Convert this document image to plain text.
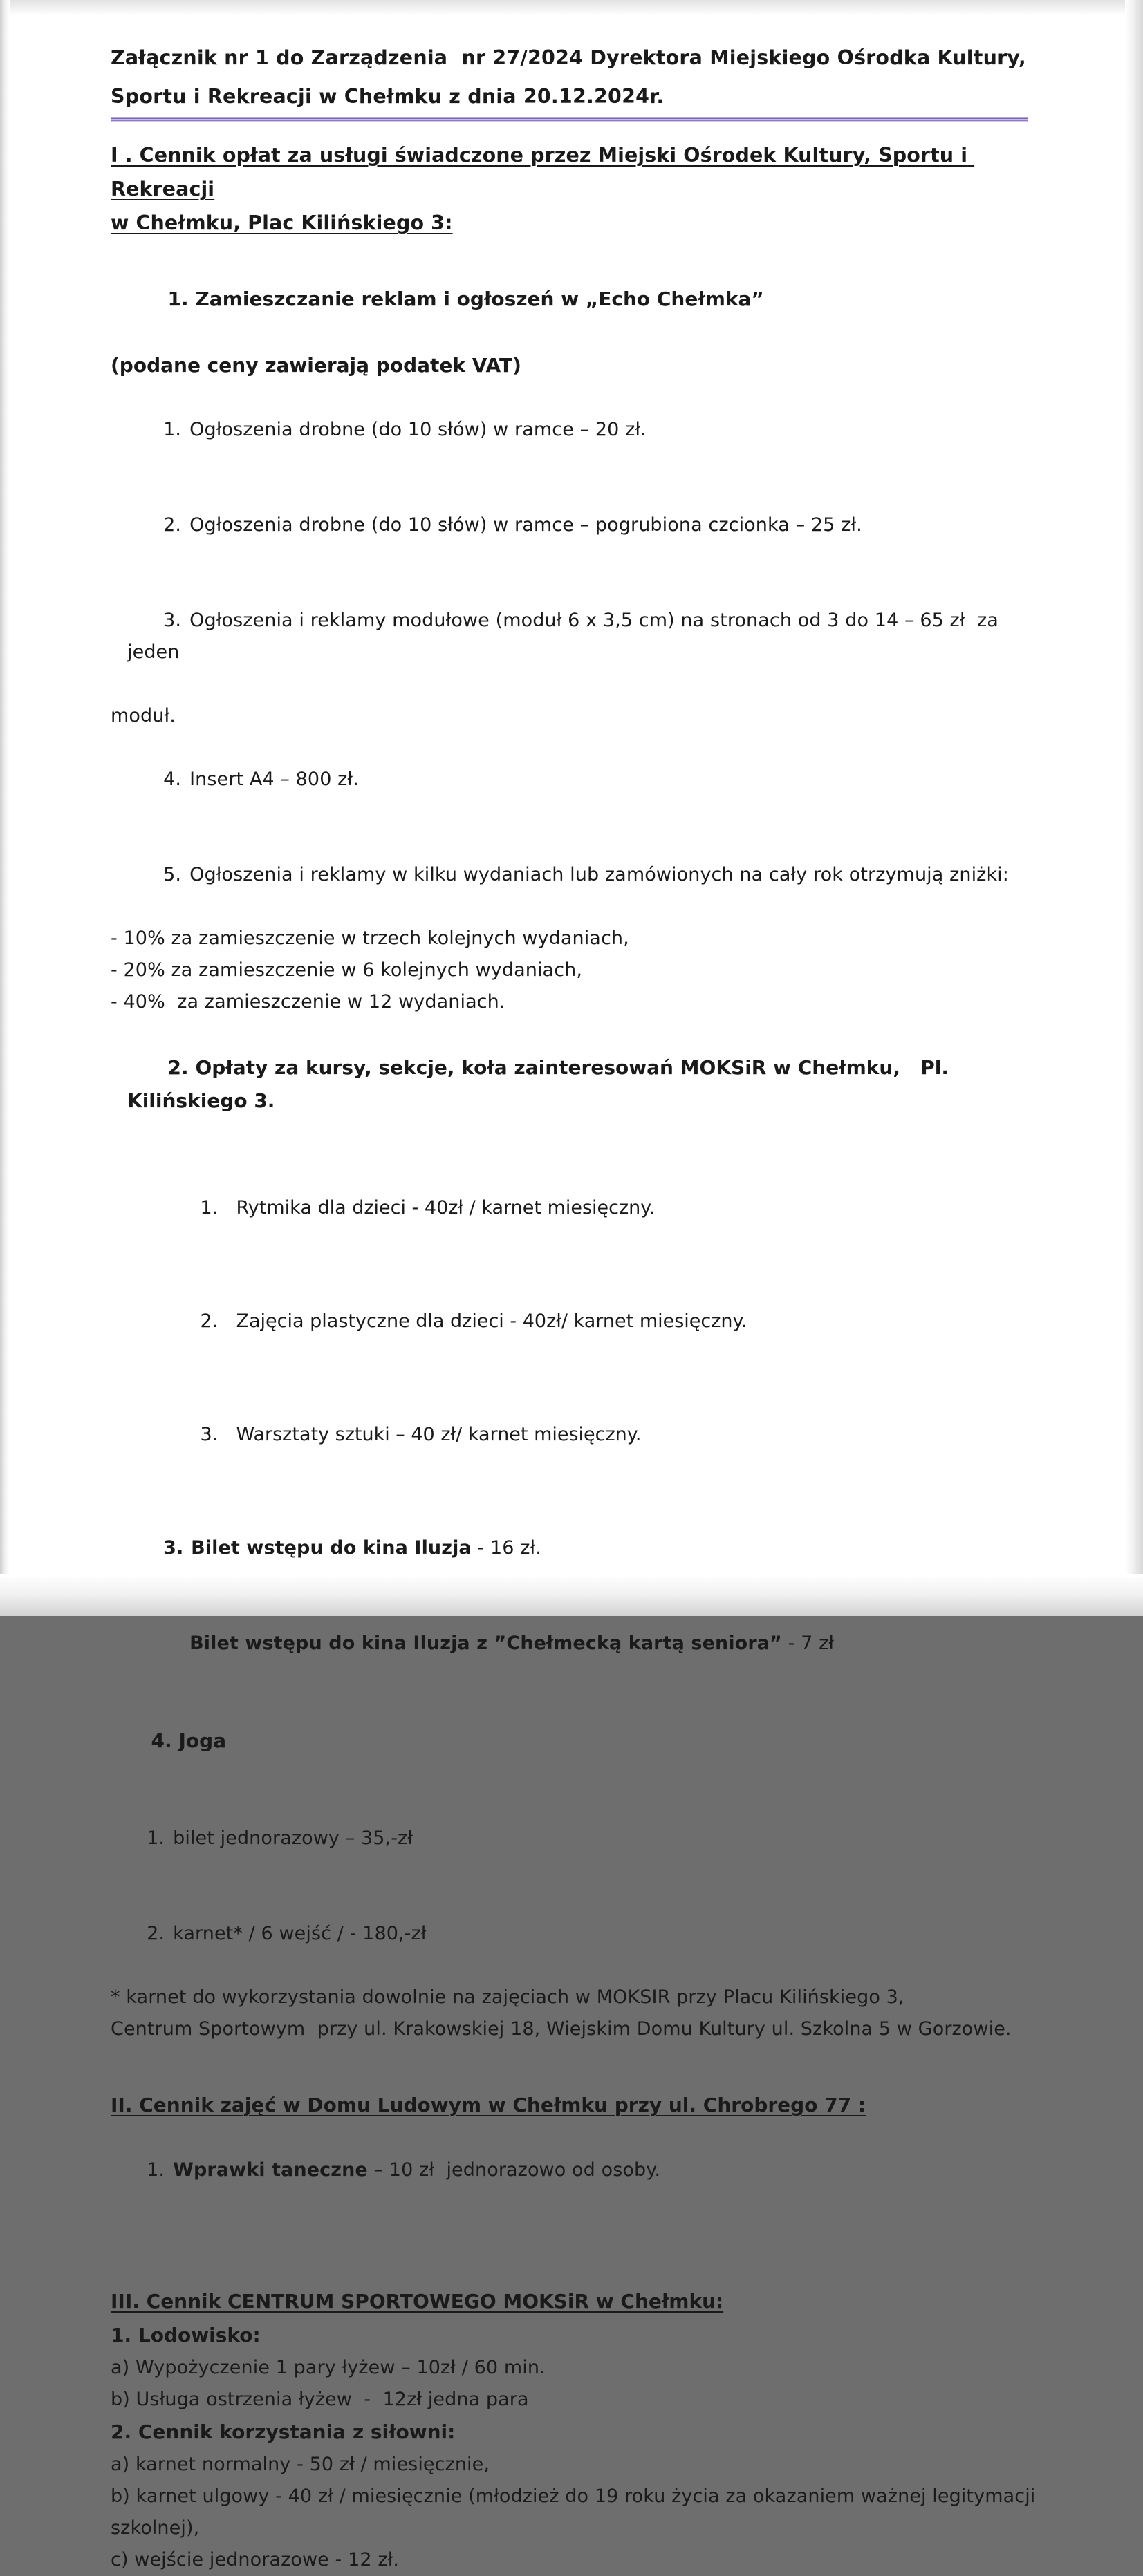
Załącznik nr 1 do Zarządzenia  nr 27/2024 Dyrektora Miejskiego Ośrodka Kultury,
Sportu i Rekreacji w Chełmku z dnia 20.12.2024r.
I . Cennik opłat za usługi świadczone przez Miejski Ośrodek Kultury, Sportu i Rekreacji
w Chełmku, Plac Kilińskiego 3:

1. Zamieszczanie reklam i ogłoszeń w „Echo Chełmka”

(podane ceny zawierają podatek VAT)

1. Ogłoszenia drobne (do 10 słów) w ramce – 20 zł.

2. Ogłoszenia drobne (do 10 słów) w ramce – pogrubiona czcionka – 25 zł.

3. Ogłoszenia i reklamy modułowe (moduł 6 x 3,5 cm) na stronach od 3 do 14 – 65 zł  za jeden

moduł.

4. Insert A4 – 800 zł.

5. Ogłoszenia i reklamy w kilku wydaniach lub zamówionych na cały rok otrzymują zniżki:

- 10% za zamieszczenie w trzech kolejnych wydaniach,
- 20% za zamieszczenie w 6 kolejnych wydaniach,
- 40%  za zamieszczenie w 12 wydaniach.

2. Opłaty za kursy, sekcje, koła zainteresowań MOKSiR w Chełmku,   Pl. Kilińskiego 3.

1. Rytmika dla dzieci - 40zł / karnet miesięczny.

2. Zajęcia plastyczne dla dzieci - 40zł/ karnet miesięczny.

3. Warsztaty sztuki – 40 zł/ karnet miesięczny.

3. Bilet wstępu do kina Iluzja - 16 zł.

Bilet wstępu do kina Iluzja z ”Chełmecką kartą seniora” - 7 zł

4. Joga

1. bilet jednorazowy – 35,-zł

2. karnet* / 6 wejść / - 180,-zł

* karnet do wykorzystania dowolnie na zajęciach w MOKSIR przy Placu Kilińskiego 3,
Centrum Sportowym  przy ul. Krakowskiej 18, Wiejskim Domu Kultury ul. Szkolna 5 w Gorzowie.
II. Cennik zajęć w Domu Ludowym w Chełmku przy ul. Chrobrego 77 :

1. Wprawki taneczne – 10 zł  jednorazowo od osoby.

III. Cennik CENTRUM SPORTOWEGO MOKSiR w Chełmku:
1. Lodowisko:
a) Wypożyczenie 1 pary łyżew – 10zł / 60 min.
b) Usługa ostrzenia łyżew  -  12zł jedna para
2. Cennik korzystania z siłowni:
a) karnet normalny - 50 zł / miesięcznie,
b) karnet ulgowy - 40 zł / miesięcznie (młodzież do 19 roku życia za okazaniem ważnej legitymacji
szkolnej),
c) wejście jednorazowe - 12 zł.
